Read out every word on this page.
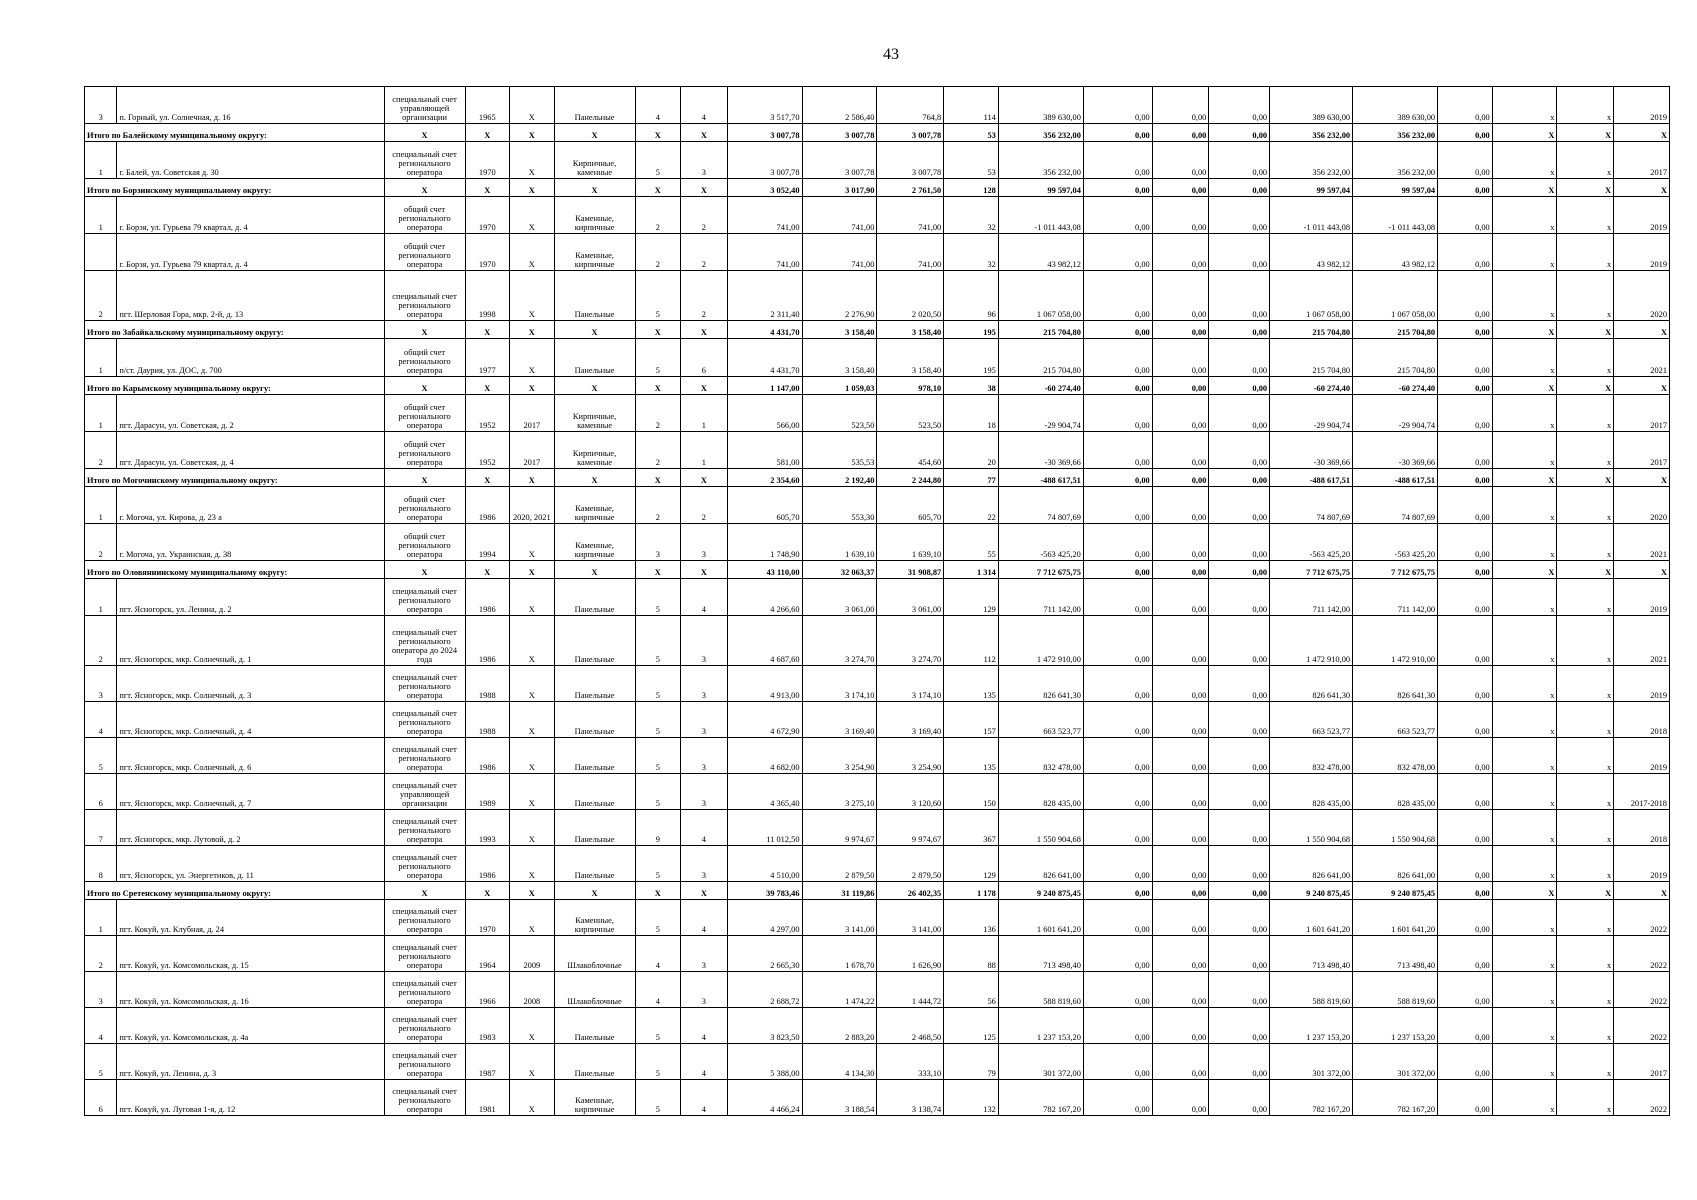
43
3	п. Горный, ул. Солнечная, д. 16	специальный счет управляющей организации	1965	X	Панельные	4	4	3 517,70	2 586,40	764,8	114	389 630,00	0,00	0,00	0,00	389 630,00	389 630,00	0,00	x	x	2019
Итого по Балейскому муниципальному округу:		X	X	X	X	X	X	3 007,78	3 007,78	3 007,78	53	356 232,00	0,00	0,00	0,00	356 232,00	356 232,00	0,00	X	X	X
1	г. Балей, ул. Советская д. 30	специальный счет регионального оператора	1970	X	Кирпичные, каменные	5	3	3 007,78	3 007,78	3 007,78	53	356 232,00	0,00	0,00	0,00	356 232,00	356 232,00	0,00	x	x	2017
Итого по Борзинскому муниципальному округу:		X	X	X	X	X	X	3 052,40	3 017,90	2 761,50	128	99 597,04	0,00	0,00	0,00	99 597,04	99 597,04	0,00	X	X	X
1	г. Борзя, ул. Гурьева 79 квартал, д. 4	общий счет регионального оператора	1970	X	Каменные, кирпичные	2	2	741,00	741,00	741,00	32	-1 011 443,08	0,00	0,00	0,00	-1 011 443,08	-1 011 443,08	0,00	x	x	2019
	г. Борзя, ул. Гурьева 79 квартал, д. 4	общий счет регионального оператора	1970	X	Каменные, кирпичные	2	2	741,00	741,00	741,00	32	43 982,12	0,00	0,00	0,00	43 982,12	43 982,12	0,00	x	x	2019
2	пгт. Шерловая Гора, мкр. 2-й, д. 13	специальный счет регионального оператора	1998	X	Панельные	5	2	2 311,40	2 276,90	2 020,50	96	1 067 058,00	0,00	0,00	0,00	1 067 058,00	1 067 058,00	0,00	x	x	2020
Итого по Забайкальскому муниципальному округу:		X	X	X	X	X	X	4 431,70	3 158,40	3 158,40	195	215 704,80	0,00	0,00	0,00	215 704,80	215 704,80	0,00	X	X	X
1	п/ст. Даурия, ул. ДОС, д. 700	общий счет регионального оператора	1977	X	Панельные	5	6	4 431,70	3 158,40	3 158,40	195	215 704,80	0,00	0,00	0,00	215 704,80	215 704,80	0,00	x	x	2021
Итого по Карымскому муниципальному округу:		X	X	X	X	X	X	1 147,00	1 059,03	978,10	38	-60 274,40	0,00	0,00	0,00	-60 274,40	-60 274,40	0,00	X	X	X
1	пгт. Дарасун, ул. Советская, д. 2	общий счет регионального оператора	1952	2017	Кирпичные, каменные	2	1	566,00	523,50	523,50	18	-29 904,74	0,00	0,00	0,00	-29 904,74	-29 904,74	0,00	x	x	2017
2	пгт. Дарасун, ул. Советская, д. 4	общий счет регионального оператора	1952	2017	Кирпичные, каменные	2	1	581,00	535,53	454,60	20	-30 369,66	0,00	0,00	0,00	-30 369,66	-30 369,66	0,00	x	x	2017
Итого по Могочинскому муниципальному округу:		X	X	X	X	X	X	2 354,60	2 192,40	2 244,80	77	-488 617,51	0,00	0,00	0,00	-488 617,51	-488 617,51	0,00	X	X	X
1	г. Могоча, ул. Кирова, д. 23 а	общий счет регионального оператора	1986	2020, 2021	Каменные, кирпичные	2	2	605,70	553,30	605,70	22	74 807,69	0,00	0,00	0,00	74 807,69	74 807,69	0,00	x	x	2020
2	г. Могоча, ул. Украинская, д. 38	общий счет регионального оператора	1994	X	Каменные, кирпичные	3	3	1 748,90	1 639,10	1 639,10	55	-563 425,20	0,00	0,00	0,00	-563 425,20	-563 425,20	0,00	x	x	2021
Итого по Оловяннинскому муниципальному округу:		X	X	X	X	X	X	43 110,00	32 063,37	31 908,87	1 314	7 712 675,75	0,00	0,00	0,00	7 712 675,75	7 712 675,75	0,00	X	X	X
1	пгт. Ясногорск, ул. Ленина, д. 2	специальный счет регионального оператора	1986	X	Панельные	5	4	4 266,60	3 061,00	3 061,00	129	711 142,00	0,00	0,00	0,00	711 142,00	711 142,00	0,00	x	x	2019
2	пгт. Ясногорск, мкр. Солнечный, д. 1	специальный счет регионального оператора до 2024 года	1986	X	Панельные	5	3	4 687,60	3 274,70	3 274,70	112	1 472 910,00	0,00	0,00	0,00	1 472 910,00	1 472 910,00	0,00	x	x	2021
3	пгт. Ясногорск, мкр. Солнечный, д. 3	специальный счет регионального оператора	1988	X	Панельные	5	3	4 913,00	3 174,10	3 174,10	135	826 641,30	0,00	0,00	0,00	826 641,30	826 641,30	0,00	x	x	2019
4	пгт. Ясногорск, мкр. Солнечный, д. 4	специальный счет регионального оператора	1988	X	Панельные	5	3	4 672,90	3 169,40	3 169,40	157	663 523,77	0,00	0,00	0,00	663 523,77	663 523,77	0,00	x	x	2018
5	пгт. Ясногорск, мкр. Солнечный, д. 6	специальный счет регионального оператора	1986	X	Панельные	5	3	4 682,00	3 254,90	3 254,90	135	832 478,00	0,00	0,00	0,00	832 478,00	832 478,00	0,00	x	x	2019
6	пгт. Ясногорск, мкр. Солнечный, д. 7	специальный счет управляющей организации	1989	X	Панельные	5	3	4 365,40	3 275,10	3 120,60	150	828 435,00	0,00	0,00	0,00	828 435,00	828 435,00	0,00	x	x	2017-2018
7	пгт. Ясногорск, мкр. Лутовой, д. 2	специальный счет регионального оператора	1993	X	Панельные	9	4	11 012,50	9 974,67	9 974,67	367	1 550 904,68	0,00	0,00	0,00	1 550 904,68	1 550 904,68	0,00	x	x	2018
8	пгт. Ясногорск, ул. Энергетиков, д. 11	специальный счет регионального оператора	1986	X	Панельные	5	3	4 510,00	2 879,50	2 879,50	129	826 641,00	0,00	0,00	0,00	826 641,00	826 641,00	0,00	x	x	2019
Итого по Сретенскому муниципальному округу:		X	X	X	X	X	X	39 783,46	31 119,86	26 402,35	1 178	9 240 875,45	0,00	0,00	0,00	9 240 875,45	9 240 875,45	0,00	X	X	X
1	пгт. Кокуй, ул. Клубная, д. 24	специальный счет регионального оператора	1970	X	Каменные, кирпичные	5	4	4 297,00	3 141,00	3 141,00	136	1 601 641,20	0,00	0,00	0,00	1 601 641,20	1 601 641,20	0,00	x	x	2022
2	пгт. Кокуй, ул. Комсомольская, д. 15	специальный счет регионального оператора	1964	2009	Шлакоблочные	4	3	2 665,30	1 678,70	1 626,90	88	713 498,40	0,00	0,00	0,00	713 498,40	713 498,40	0,00	x	x	2022
3	пгт. Кокуй, ул. Комсомольская, д. 16	специальный счет регионального оператора	1966	2008	Шлакоблочные	4	3	2 688,72	1 474,22	1 444,72	56	588 819,60	0,00	0,00	0,00	588 819,60	588 819,60	0,00	x	x	2022
4	пгт. Кокуй, ул. Комсомольская, д. 4а	специальный счет регионального оператора	1983	X	Панельные	5	4	3 823,50	2 883,20	2 468,50	125	1 237 153,20	0,00	0,00	0,00	1 237 153,20	1 237 153,20	0,00	x	x	2022
5	пгт. Кокуй, ул. Ленина, д. 3	специальный счет регионального оператора	1987	X	Панельные	5	4	5 388,00	4 134,30	333,10	79	301 372,00	0,00	0,00	0,00	301 372,00	301 372,00	0,00	x	x	2017
6	пгт. Кокуй, ул. Луговая 1-я, д. 12	специальный счет регионального оператора	1981	X	Каменные, кирпичные	5	4	4 466,24	3 188,54	3 138,74	132	782 167,20	0,00	0,00	0,00	782 167,20	782 167,20	0,00	x	x	2022
